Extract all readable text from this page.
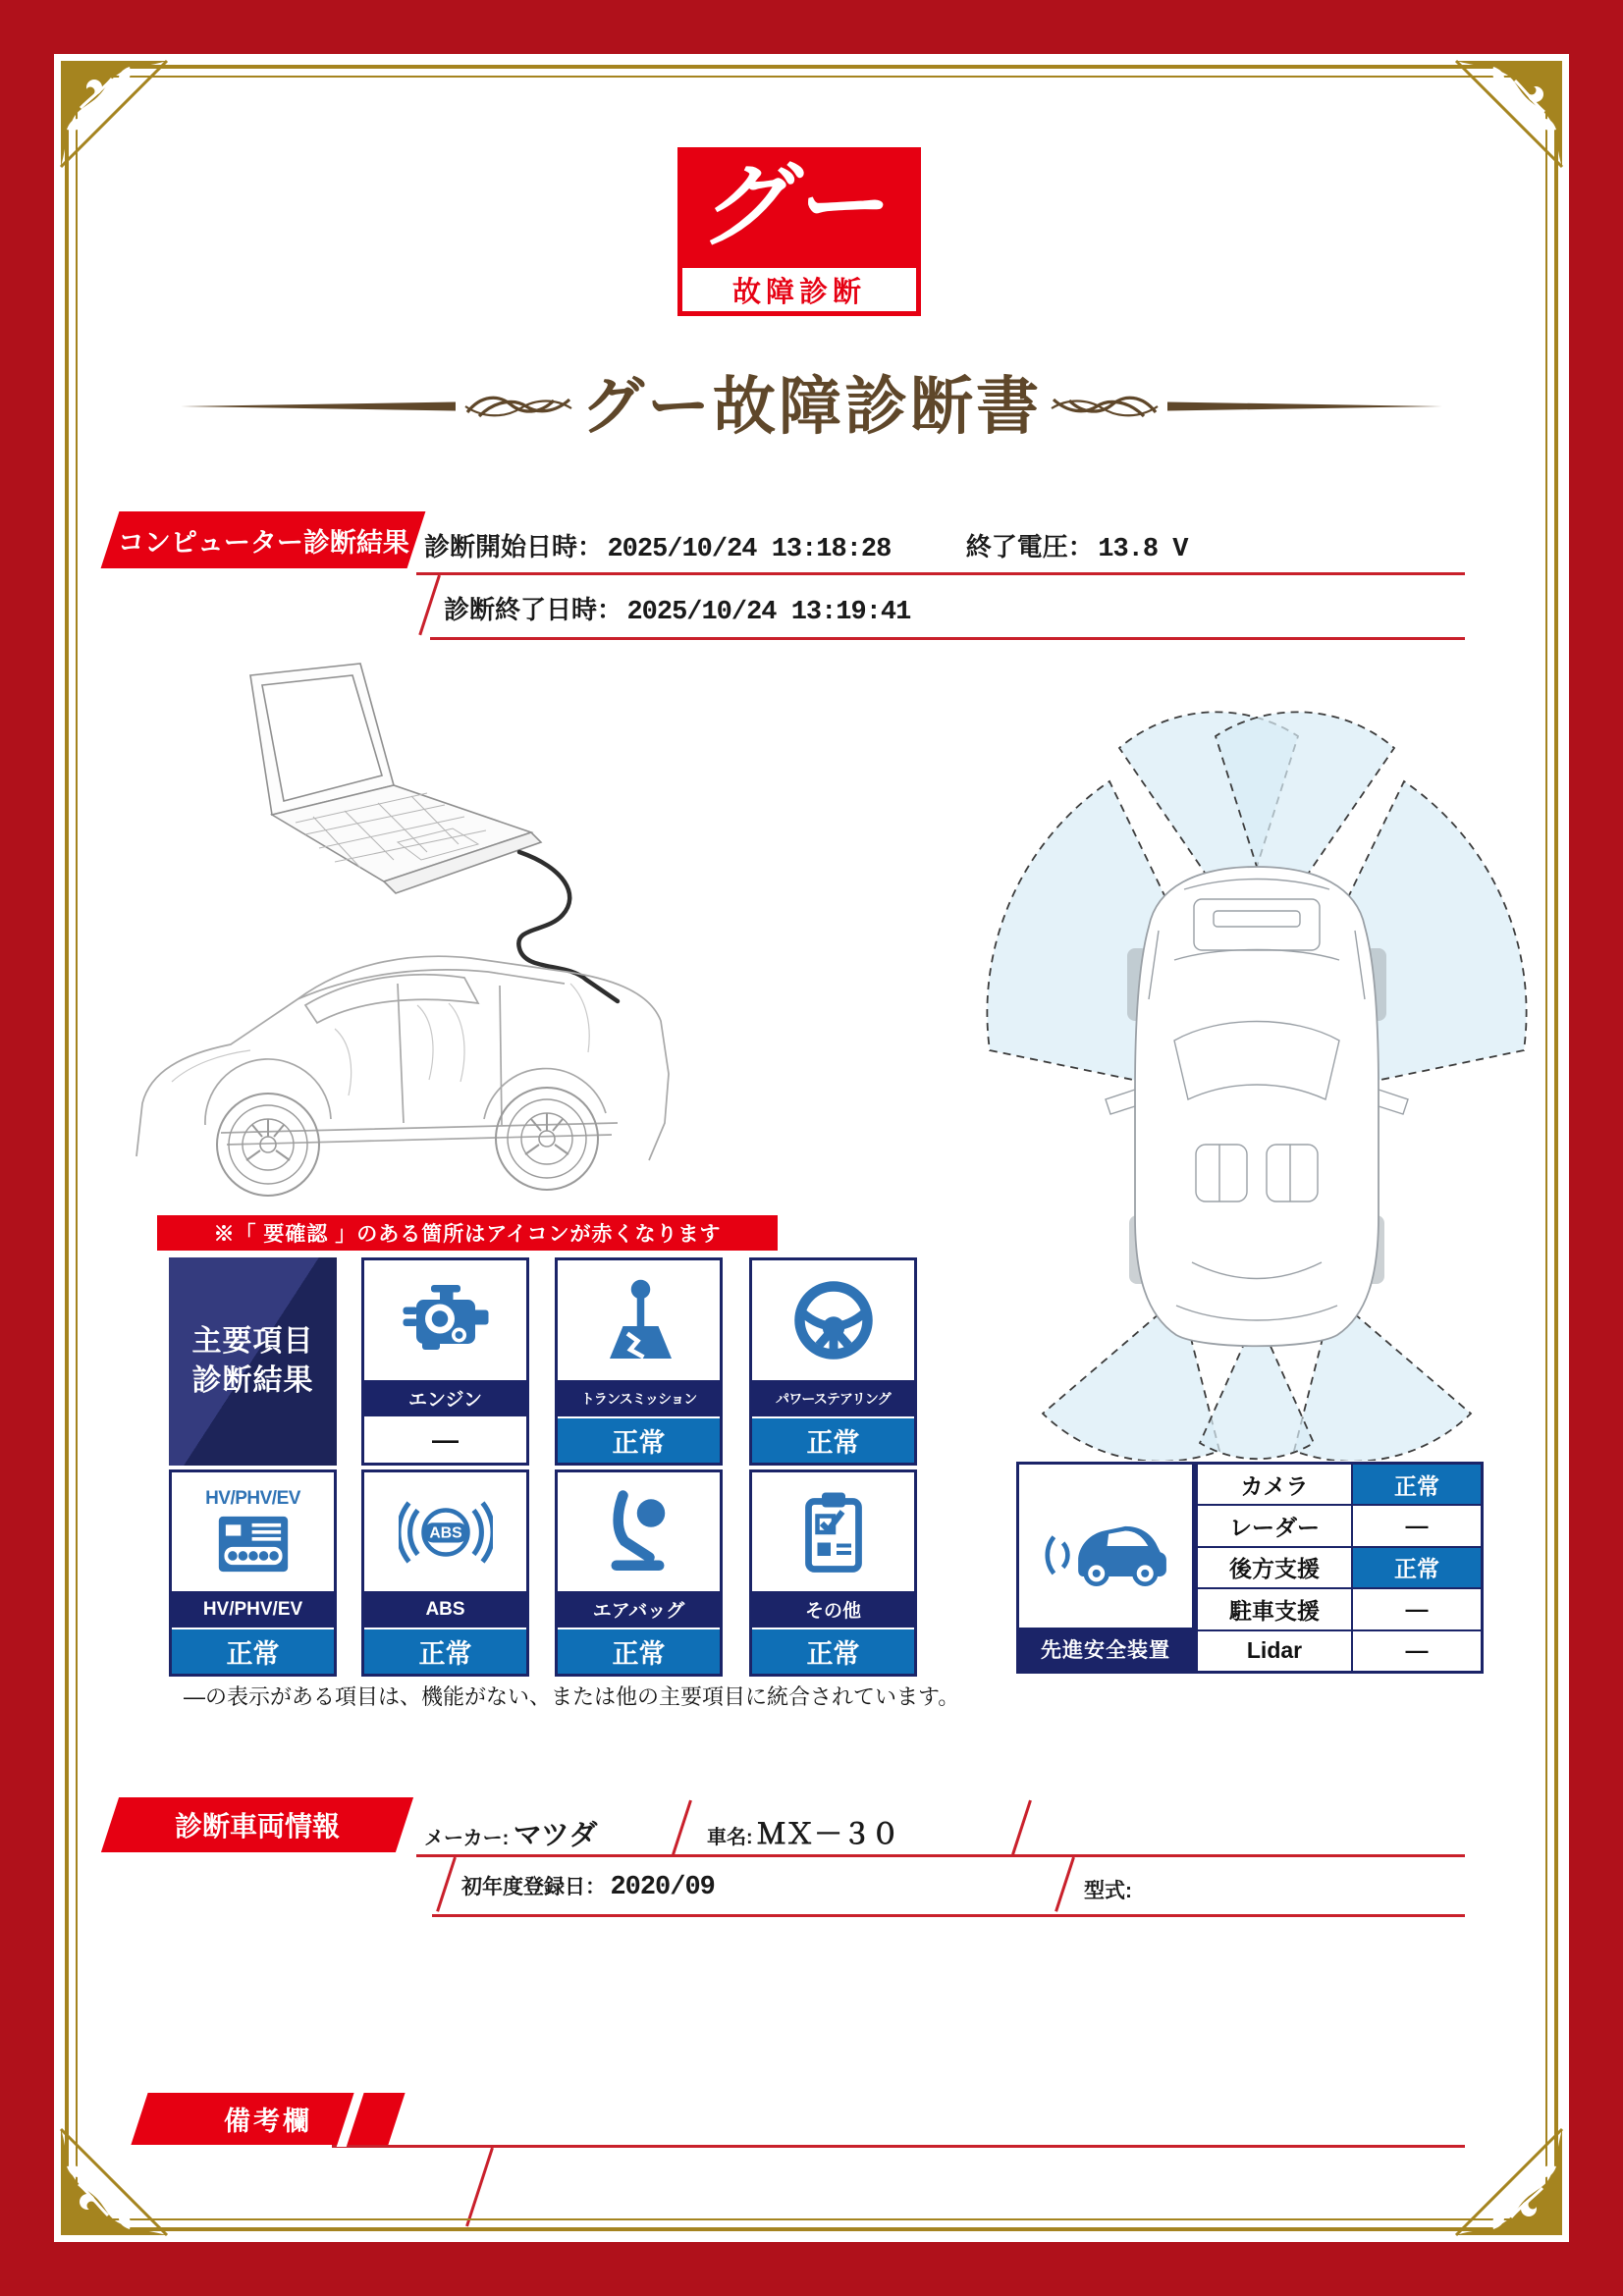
グー
故障診断
グー故障診断書
コンピューター診断結果 診断開始日時： 2025/10/24 13:18:28	終了電圧： 13.8 V
診断終了日時： 2025/10/24 13:19:41
※「 要確認 」のある箇所はアイコンが赤くなります
主要項目
診断結果
エンジン
—
トランスミッション
正常
パワーステアリング
正常
HV/PHV/EV
HV/PHV/EV
正常
ABS
ABS
正常
エアバッグ
正常
その他
正常
—の表示がある項目は、機能がない、または他の主要項目に統合されています。
先進安全装置
カメラ	正常
レーダー	—
後方支援	正常
駐車支援	—
Lidar	—
診断車両情報	メーカー: マツダ	車名: ＭＸ－３０
初年度登録日： 2020/09	型式:
備考欄
